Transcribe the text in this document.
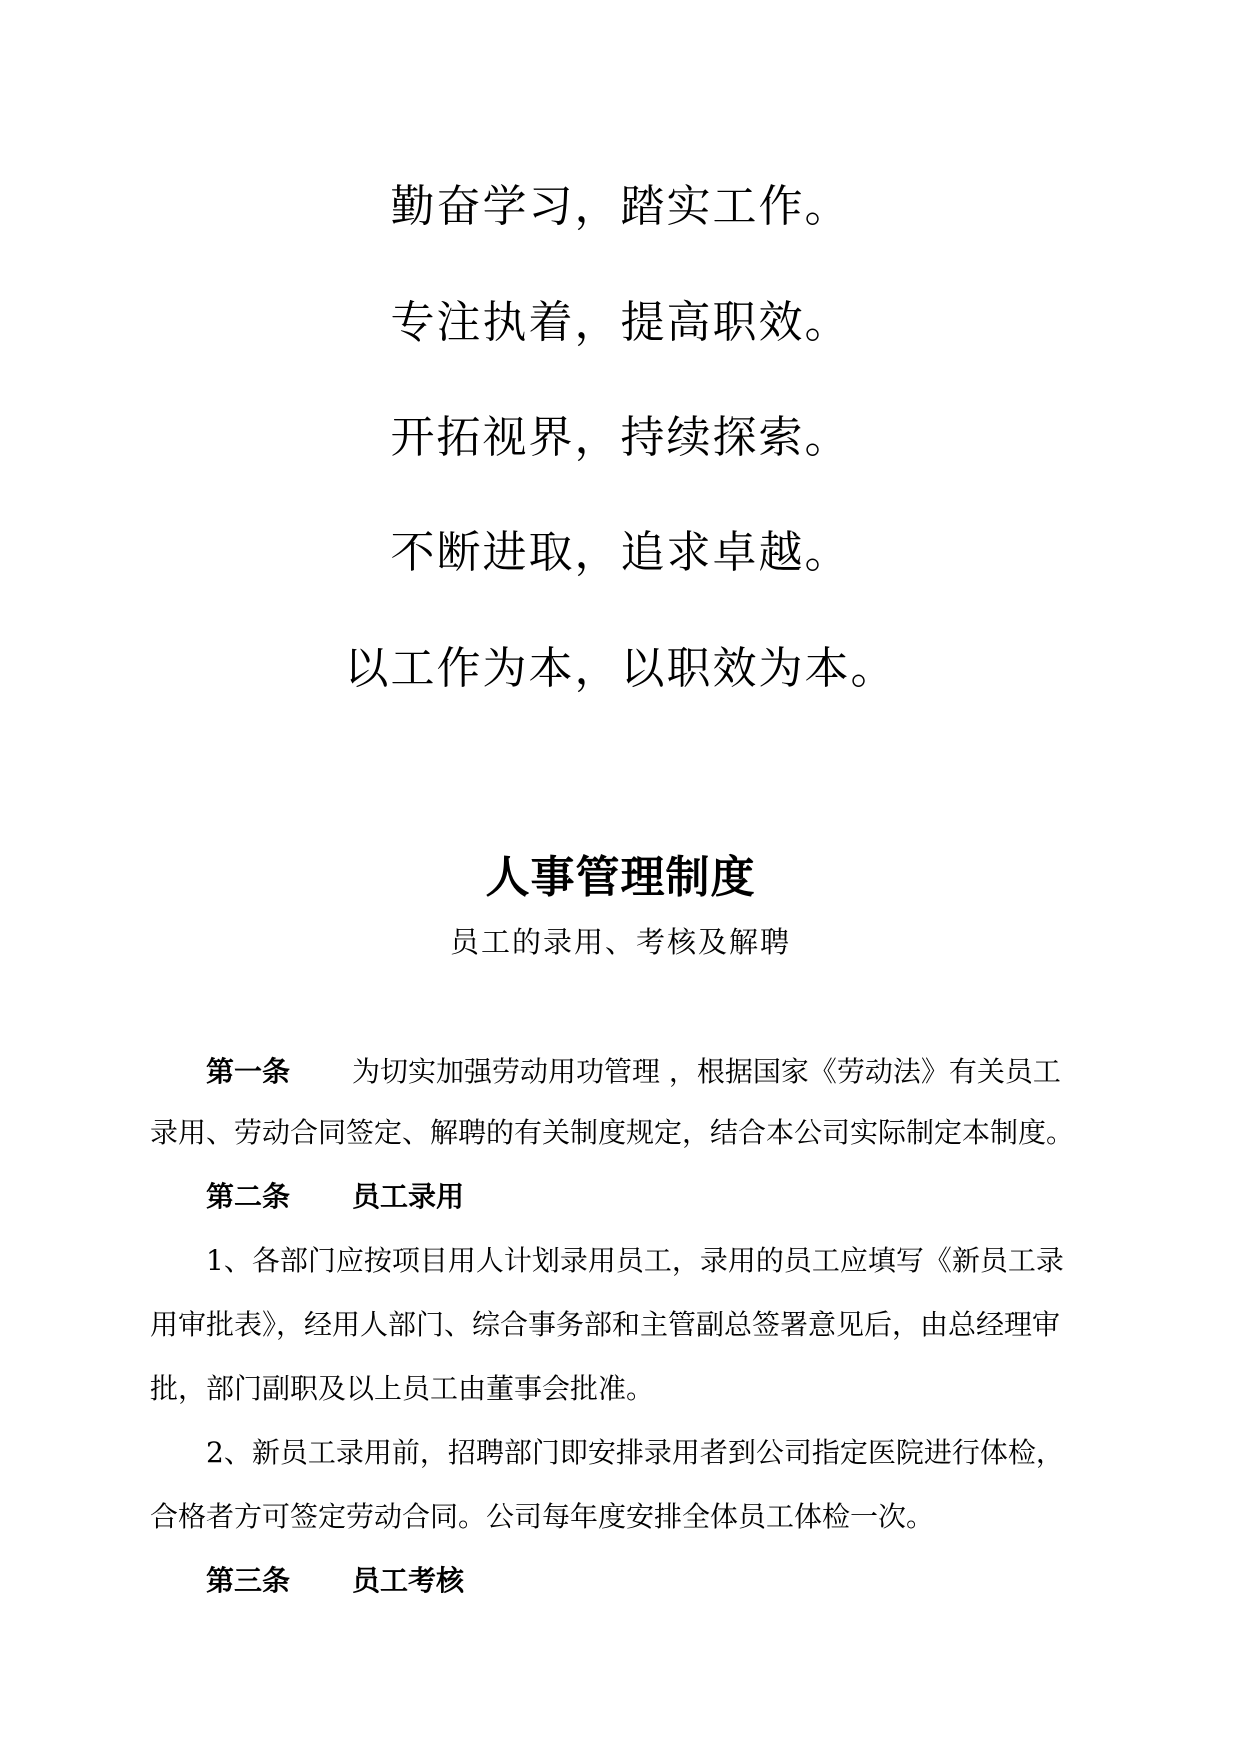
勤奋学习，踏实工作。
专注执着，提高职效。
开拓视界，持续探索。
不断进取，追求卓越。
以工作为本，以职效为本。
人事管理制度
员工的录用、考核及解聘
第一条 为切实加强劳动用功管理 ，根据国家《劳动法》有关员工
录用、劳动合同签定、解聘的有关制度规定，结合本公司实际制定本制度。
第二条 员工录用
1、各部门应按项目用人计划录用员工，录用的员工应填写《新员工录
用审批表》，经用人部门、综合事务部和主管副总签署意见后，由总经理审
批，部门副职及以上员工由董事会批准。
2、新员工录用前，招聘部门即安排录用者到公司指定医院进行体检，
合格者方可签定劳动合同。公司每年度安排全体员工体检一次。
第三条 员工考核
